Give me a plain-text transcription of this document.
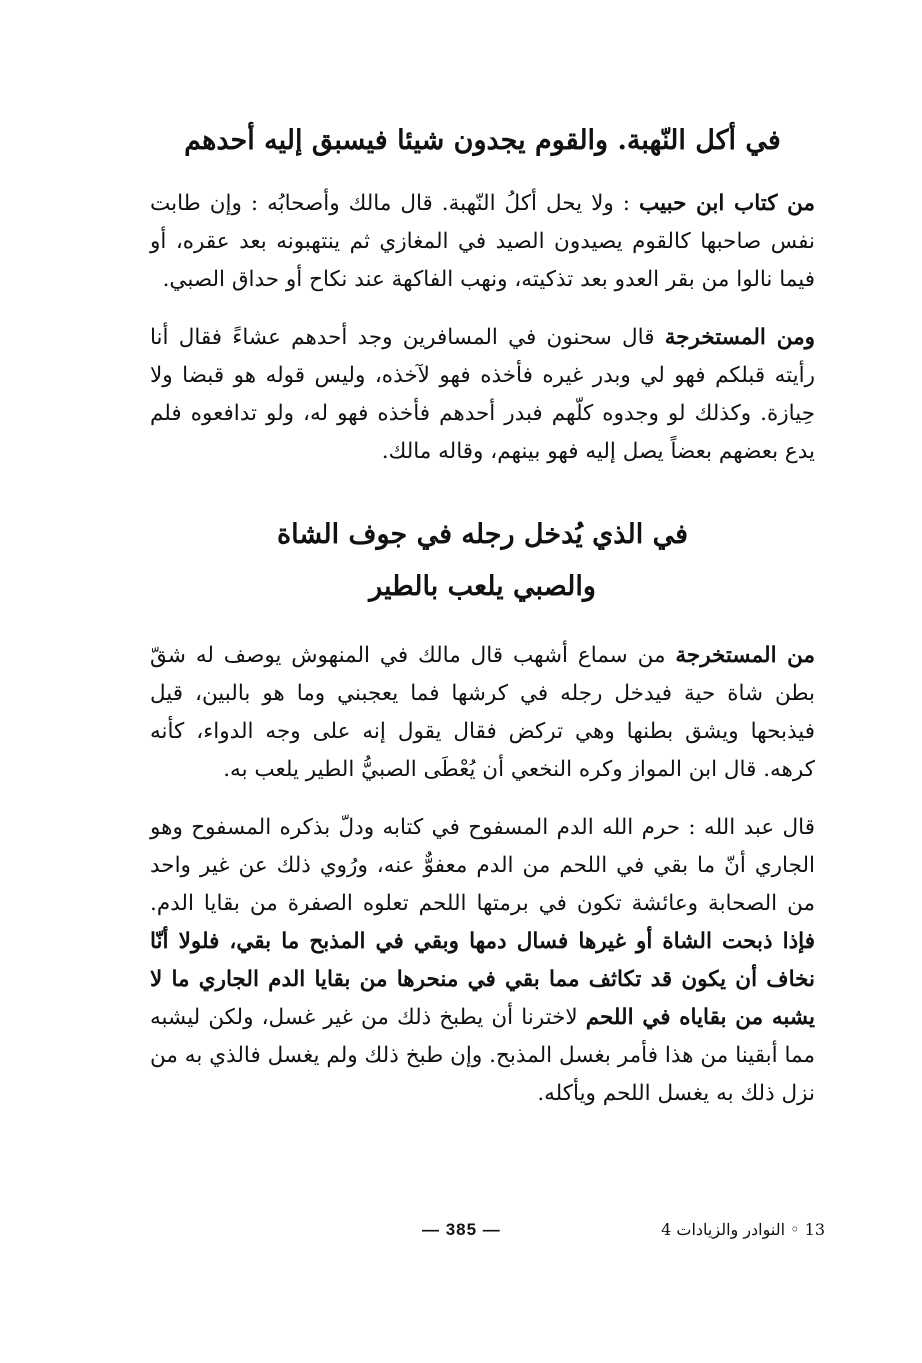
في أكل النّهبة. والقوم يجدون شيئا فيسبق إليه أحدهم

من كتاب ابن حبيب : ولا يحل أكلُ النّهبة. قال مالك وأصحابُه : وإن طابت نفس صاحبها كالقوم يصيدون الصيد في المغازي ثم ينتهبونه بعد عقره، أو فيما نالوا من بقر العدو بعد تذكيته، ونهب الفاكهة عند نكاح أو حداق الصبي.

ومن المستخرجة قال سحنون في المسافرين وجد أحدهم عشاءً فقال أنا رأيته قبلكم فهو لي وبدر غيره فأخذه فهو لآخذه، وليس قوله هو قبضا ولا حِيازة. وكذلك لو وجدوه كلّهم فبدر أحدهم فأخذه فهو له، ولو تدافعوه فلم يدع بعضهم بعضاً يصل إليه فهو بينهم، وقاله مالك.

في الذي يُدخل رجله في جوف الشاة
والصبي يلعب بالطير

من المستخرجة من سماع أشهب قال مالك في المنهوش يوصف له شقّ بطن شاة حية فيدخل رجله في كرشها فما يعجبني وما هو بالبين، قيل فيذبحها ويشق بطنها وهي تركض فقال يقول إنه على وجه الدواء، كأنه كرهه. قال ابن المواز وكره النخعي أن يُعْطَى الصبيُّ الطير يلعب به.

قال عبد الله : حرم الله الدم المسفوح في كتابه ودلّ بذكره المسفوح وهو الجاري أنّ ما بقي في اللحم من الدم معفوٌّ عنه، ورُوي ذلك عن غير واحد من الصحابة وعائشة تكون في برمتها اللحم تعلوه الصفرة من بقايا الدم. فإذا ذبحت الشاة أو غيرها فسال دمها وبقي في المذبح ما بقي، فلولا أنّا نخاف أن يكون قد تكاثف مما بقي في منحرها من بقايا الدم الجاري ما لا يشبه من بقاياه في اللحم لاخترنا أن يطبخ ذلك من غير غسل، ولكن ليشبه مما أبقينا من هذا فأمر بغسل المذبح. وإن طبخ ذلك ولم يغسل فالذي به من نزل ذلك به يغسل اللحم ويأكله.

— 385 —	13 ◦ النوادر والزيادات 4
